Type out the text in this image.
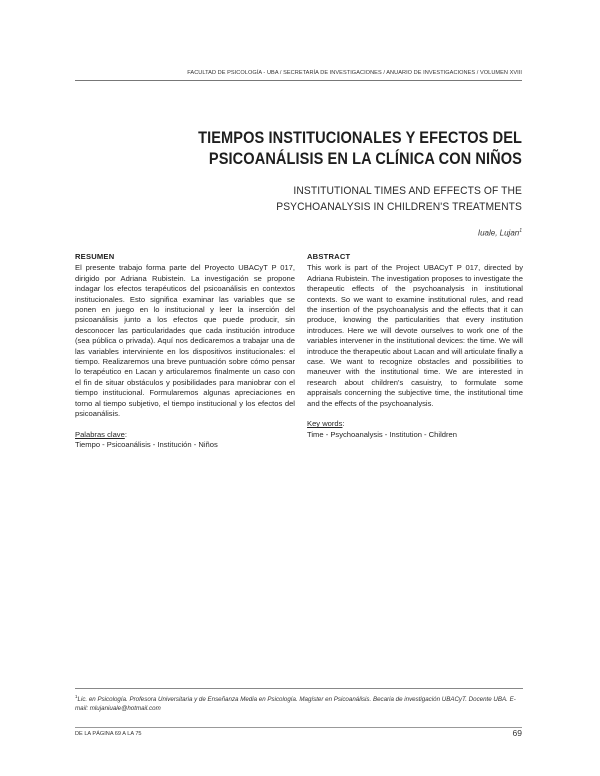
FACULTAD DE PSICOLOGÍA - UBA / SECRETARÍA DE INVESTIGACIONES / ANUARIO DE INVESTIGACIONES / VOLUMEN XVIII
TIEMPOS INSTITUCIONALES Y EFECTOS DEL
PSICOANÁLISIS EN LA CLÍNICA CON NIÑOS
INSTITUTIONAL TIMES AND EFFECTS OF THE
PSYCHOANALYSIS IN CHILDREN'S TREATMENTS
Iuale, Lujan$^1$
RESUMEN

El presente trabajo forma parte del Proyecto UBACyT P 017, dirigido por Adriana Rubistein. La investigación se propone indagar los efectos terapéuticos del psicoanálisis en contextos institucionales. Esto significa examinar las variables que se ponen en juego en lo institucional y leer la inserción del psicoanálisis junto a los efectos que puede producir, sin desconocer las particularidades que cada institución introduce (sea pública o privada). Aquí nos dedicaremos a trabajar una de las variables interviniente en los dispositivos institucionales: el tiempo. Realizaremos una breve puntuación sobre cómo pensar lo terapéutico en Lacan y articularemos finalmente un caso con el fin de situar obstáculos y posibilidades para maniobrar con el tiempo institucional. Formularemos algunas apreciaciones en torno al tiempo subjetivo, el tiempo institucional y los efectos del psicoanálisis.

Palabras clave:
Tiempo - Psicoanálisis - Institución - Niños
ABSTRACT

This work is part of the Project UBACyT P 017, directed by Adriana Rubistein. The investigation proposes to investigate the therapeutic effects of the psychoanalysis in institutional contexts. So we want to examine institutional rules, and read the insertion of the psychoanalysis and the effects that it can produce, knowing the particularities that every institution introduces. Here we will devote ourselves to work one of the variables intervener in the institutional devices: the time. We will introduce the therapeutic about Lacan and will articulate finally a case. We want to recognize obstacles and possibilities to maneuver with the institutional time. We are interested in research about children's casuistry, to formulate some appraisals concerning the subjective time, the institutional time and the effects of the psychoanalysis.

Key words:
Time - Psychoanalysis - Institution - Children
$^1$Lic. en Psicología. Profesora Universitaria y de Enseñanza Media en Psicología. Magíster en Psicoanálisis. Becaria de investigación UBACyT. Docente UBA. E-mail: mlujaniuale@hotmail.com
DE LA PÁGINA 69 A LA 75	69
